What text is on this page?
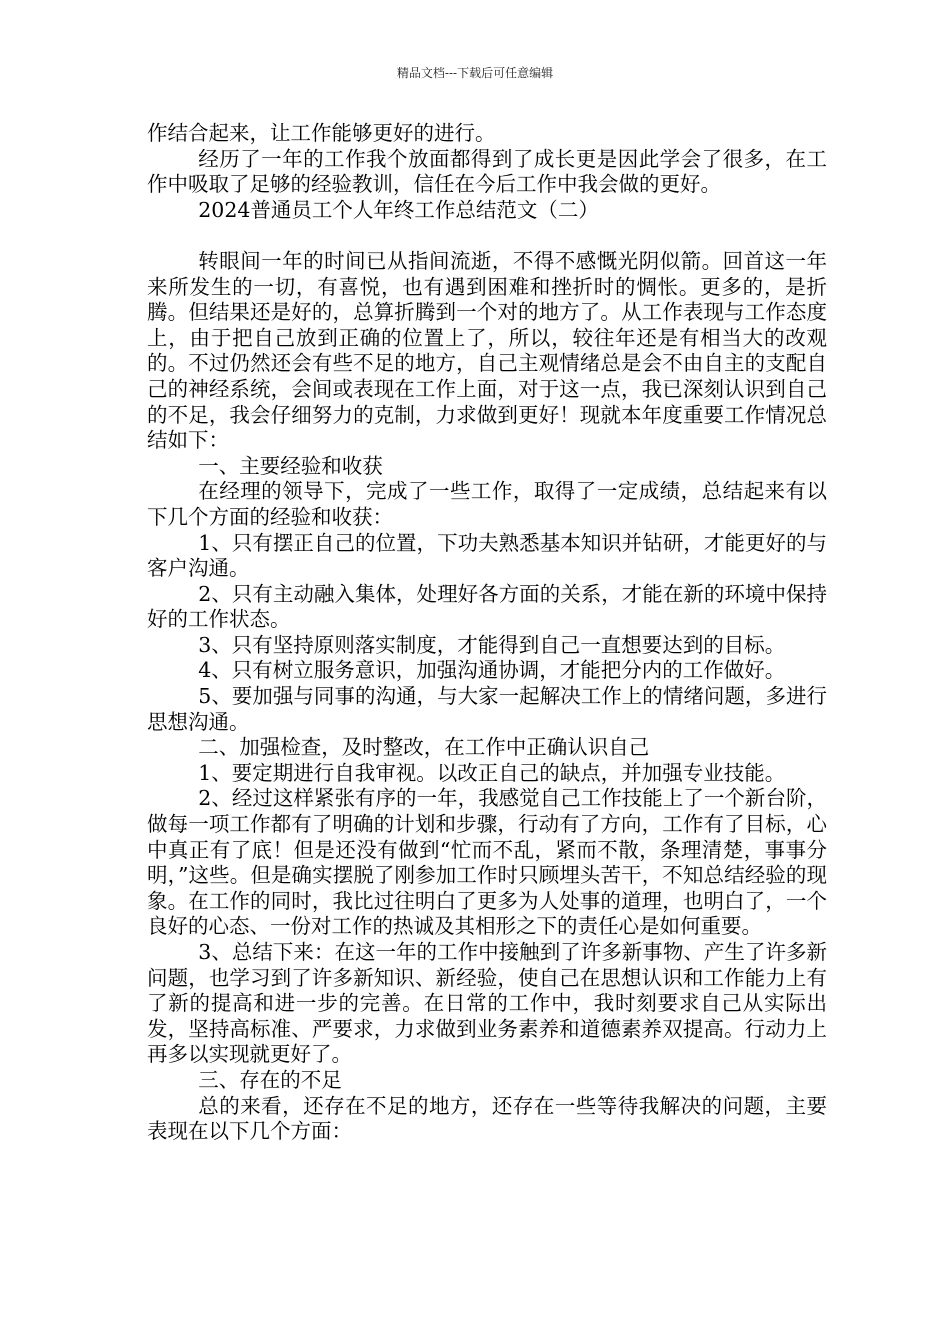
精品文档---下载后可任意编辑

作结合起来，让工作能够更好的进行。

经历了一年的工作我个放面都得到了成长更是因此学会了很多，在工作中吸取了足够的经验教训，信任在今后工作中我会做的更好。

2024普通员工个人年终工作总结范文（二）

转眼间一年的时间已从指间流逝，不得不感慨光阴似箭。回首这一年来所发生的一切，有喜悦，也有遇到困难和挫折时的惆怅。更多的，是折腾。但结果还是好的，总算折腾到一个对的地方了。从工作表现与工作态度上，由于把自己放到正确的位置上了，所以，较往年还是有相当大的改观的。不过仍然还会有些不足的地方，自己主观情绪总是会不由自主的支配自己的神经系统，会间或表现在工作上面，对于这一点，我已深刻认识到自己的不足，我会仔细努力的克制，力求做到更好！现就本年度重要工作情况总结如下：

一、主要经验和收获

在经理的领导下，完成了一些工作，取得了一定成绩，总结起来有以下几个方面的经验和收获：

1、只有摆正自己的位置，下功夫熟悉基本知识并钻研，才能更好的与客户沟通。

2、只有主动融入集体，处理好各方面的关系，才能在新的环境中保持好的工作状态。

3、只有坚持原则落实制度，才能得到自己一直想要达到的目标。

4、只有树立服务意识，加强沟通协调，才能把分内的工作做好。

5、要加强与同事的沟通，与大家一起解决工作上的情绪问题，多进行思想沟通。

二、加强检查，及时整改，在工作中正确认识自己

1、要定期进行自我审视。以改正自己的缺点，并加强专业技能。

2、经过这样紧张有序的一年，我感觉自己工作技能上了一个新台阶，做每一项工作都有了明确的计划和步骤，行动有了方向，工作有了目标，心中真正有了底！但是还没有做到“忙而不乱，紧而不散，条理清楚，事事分明，”这些。但是确实摆脱了刚参加工作时只顾埋头苦干，不知总结经验的现象。在工作的同时，我比过往明白了更多为人处事的道理，也明白了，一个良好的心态、一份对工作的热诚及其相形之下的责任心是如何重要。

3、总结下来：在这一年的工作中接触到了许多新事物、产生了许多新问题，也学习到了许多新知识、新经验，使自己在思想认识和工作能力上有了新的提高和进一步的完善。在日常的工作中，我时刻要求自己从实际出发，坚持高标准、严要求，力求做到业务素养和道德素养双提高。行动力上再多以实现就更好了。

三、存在的不足

总的来看，还存在不足的地方，还存在一些等待我解决的问题，主要表现在以下几个方面：
